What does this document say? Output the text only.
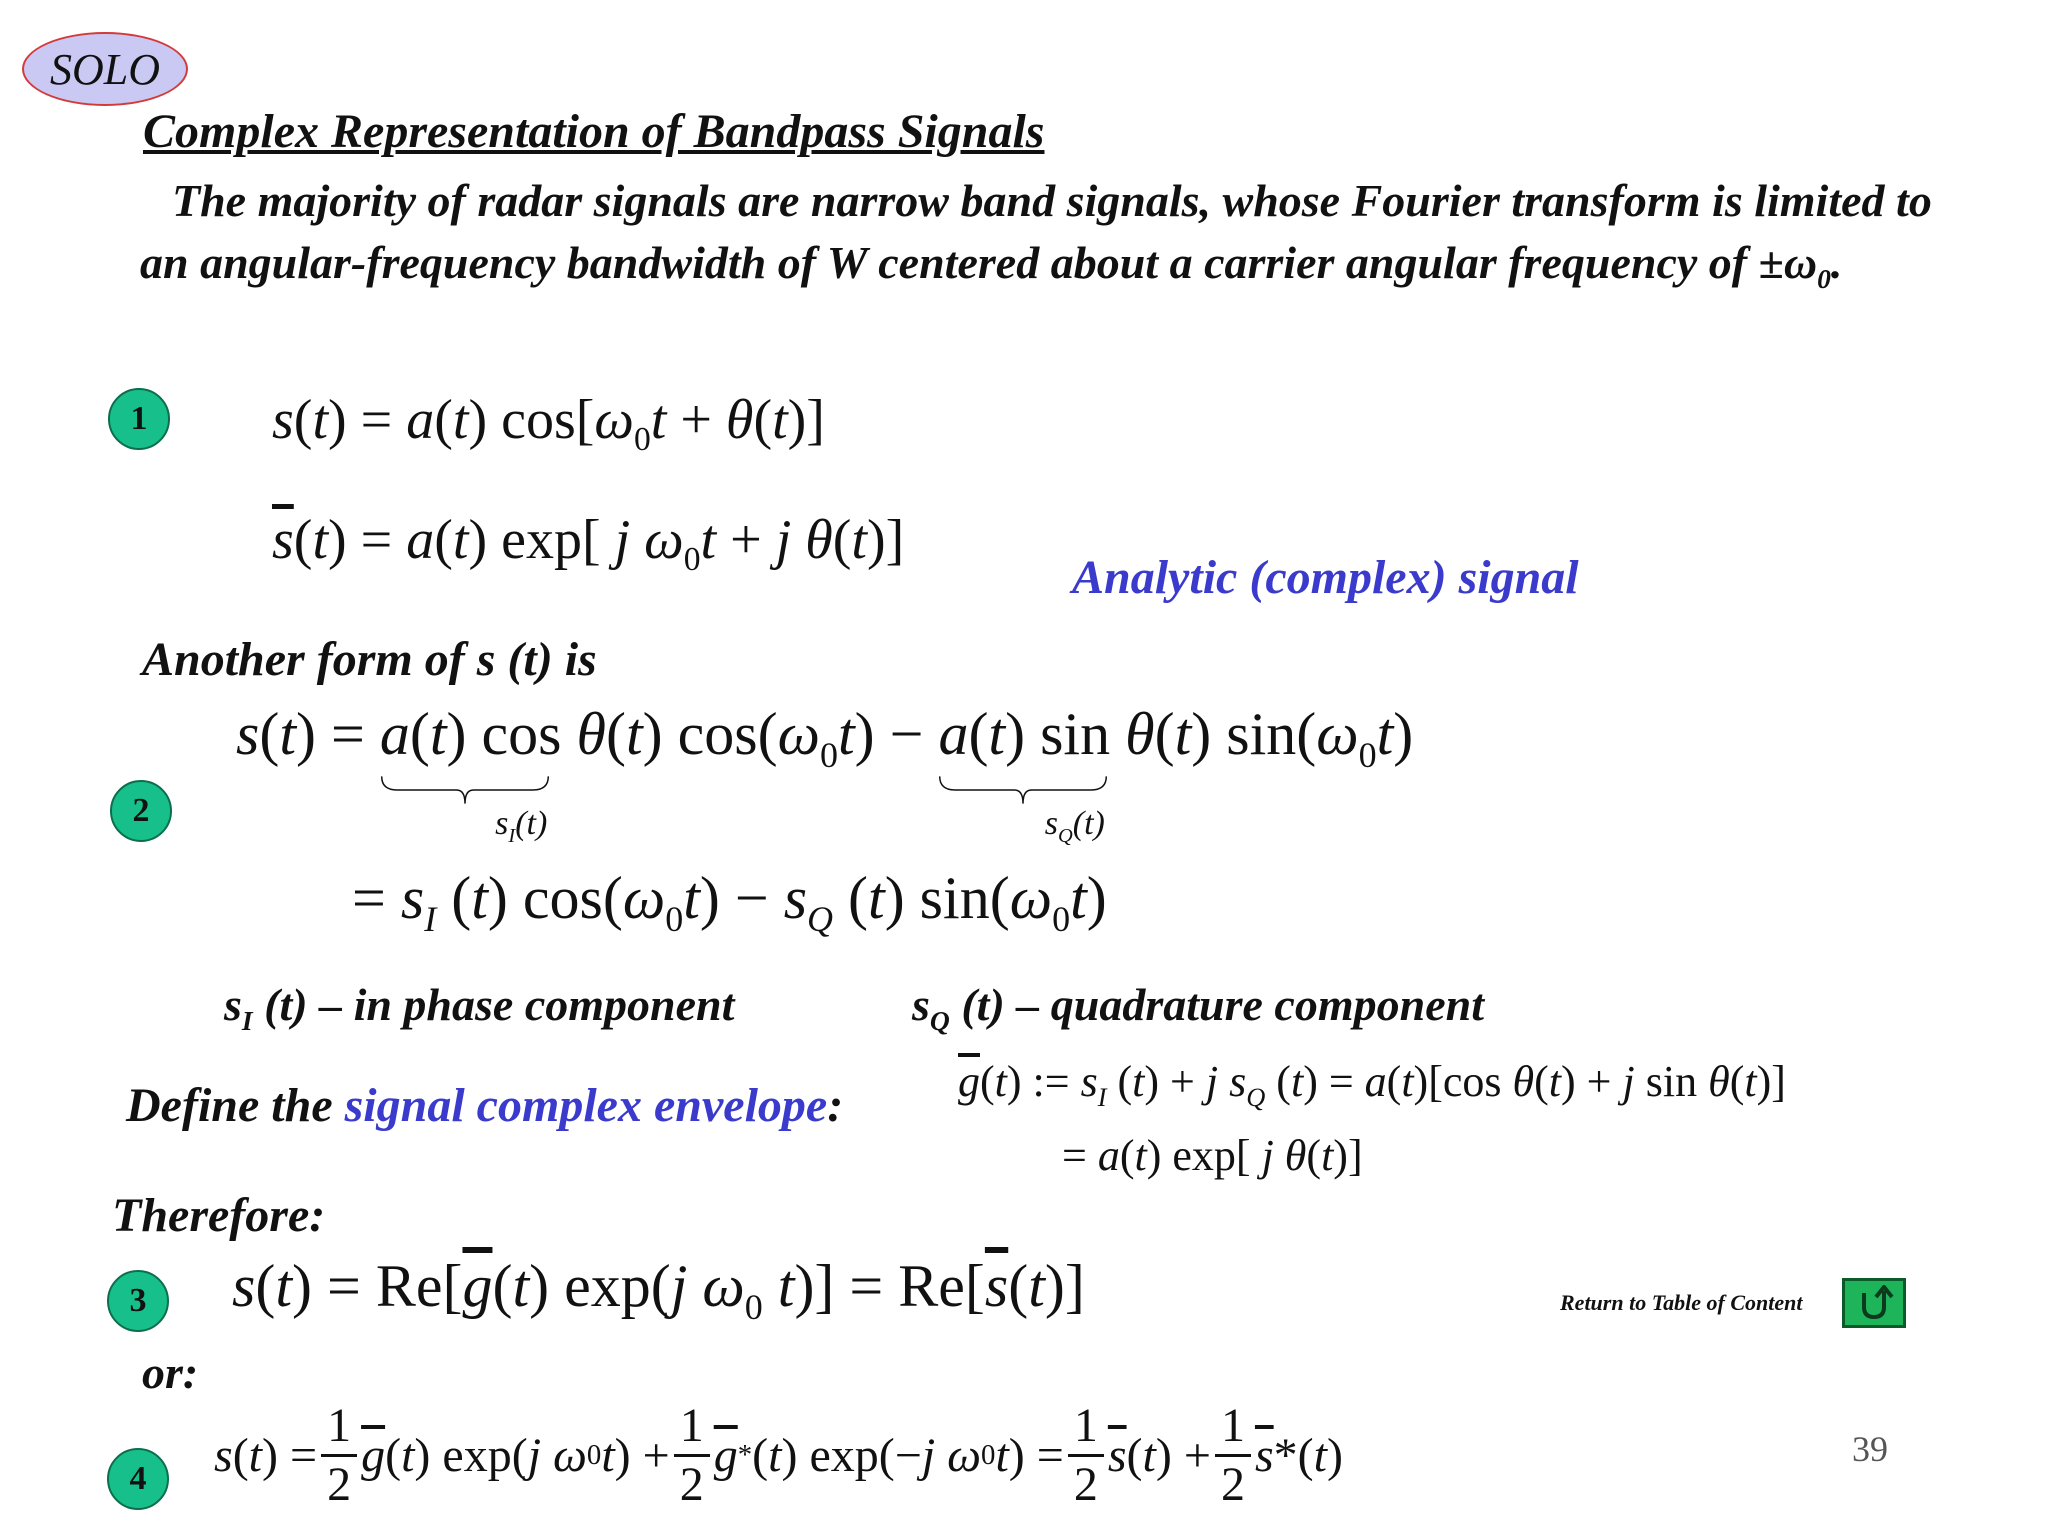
SOLO
Complex Representation of Bandpass Signals
The majority of radar signals are narrow band signals, whose Fourier transform is limited to an angular-frequency bandwidth of W centered about a carrier angular frequency of $\pm\omega_0$.
1
2
3
4
s(t) = a(t) $\cos[\omega_0t + \theta(t)]$
$\overline{s}(t) = a(t)$ exp[ j $\omega_0t + j$ θ(t)]
Analytic (complex) signal
Another form of s (t) is
s(t) = a(t) cos θ(t)
$s_I(t)$
$\cos(\omega_0t) - a(t)$ sin θ(t)
$s_Q(t)$
$\sin(\omega_0t)$
= $s_I$ (t) $\cos(\omega_0t) - s_Q$ (t) $\sin(\omega_0t)$
$s_I$ (t) – in phase component	$s_Q$ (t) – quadrature component
Define the signal complex envelope:	$\overline{g}(t)$ := $s_I$ (t) + j $s_Q$ (t) = a(t)[cos θ(t) + j sin θ(t)]
= a(t) exp[ j θ(t)]
Therefore:
$s(t) = Re[\overline{g}(t)$ exp(j $\omega_0$ $t)] = Re[\overline{s}(t)]$	Return to Table of Content
or:
s ( t ) = $\frac{1}{2} \overline{g}$ ( t ) exp( j ω 0 t ) + $\frac{1}{2} \overline{g}$ * ( t ) exp(− j ω 0 t ) = $\frac{1}{2} \overline{s}$ ( t ) + $\frac{1}{2} \overline{s}$ *( t )	39
